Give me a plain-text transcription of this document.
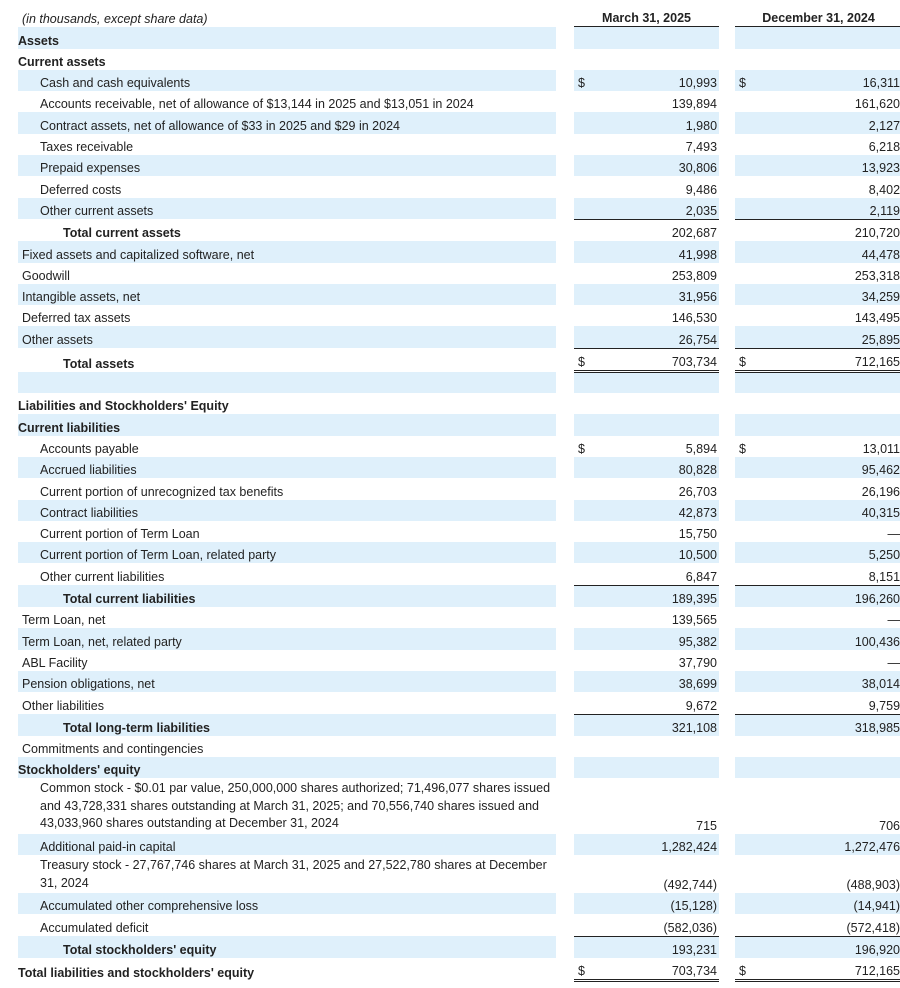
(in thousands, except share data)		March 31, 2025			December 31, 2024	
Assets						
Current assets						
Cash and cash equivalents		$	10,993		$	16,311
Accounts receivable, net of allowance of $13,144 in 2025 and $13,051 in 2024			139,894			161,620
Contract assets, net of allowance of $33 in 2025 and $29 in 2024			1,980			2,127
Taxes receivable			7,493			6,218
Prepaid expenses			30,806			13,923
Deferred costs			9,486			8,402
Other current assets			2,035			2,119
Total current assets			202,687			210,720
Fixed assets and capitalized software, net			41,998			44,478
Goodwill			253,809			253,318
Intangible assets, net			31,956			34,259
Deferred tax assets			146,530			143,495
Other assets			26,754			25,895
Total assets		$	703,734		$	712,165

Liabilities and Stockholders' Equity						
Current liabilities						
Accounts payable		$	5,894		$	13,011
Accrued liabilities			80,828			95,462
Current portion of unrecognized tax benefits			26,703			26,196
Contract liabilities			42,873			40,315
Current portion of Term Loan			15,750			—
Current portion of Term Loan, related party			10,500			5,250
Other current liabilities			6,847			8,151
Total current liabilities			189,395			196,260
Term Loan, net			139,565			—
Term Loan, net, related party			95,382			100,436
ABL Facility			37,790			—
Pension obligations, net			38,699			38,014
Other liabilities			9,672			9,759
Total long-term liabilities			321,108			318,985
Commitments and contingencies						
Stockholders' equity						
Common stock - $0.01 par value, 250,000,000 shares authorized; 71,496,077 shares issued and 43,728,331 shares outstanding at March 31, 2025; and 70,556,740 shares issued and 43,033,960 shares outstanding at December 31, 2024			715			706
Additional paid-in capital			1,282,424			1,272,476
Treasury stock - 27,767,746 shares at March 31, 2025 and 27,522,780 shares at December 31, 2024			(492,744)			(488,903)
Accumulated other comprehensive loss			(15,128)			(14,941)
Accumulated deficit			(582,036)			(572,418)
Total stockholders' equity			193,231			196,920
Total liabilities and stockholders' equity		$	703,734		$	712,165
